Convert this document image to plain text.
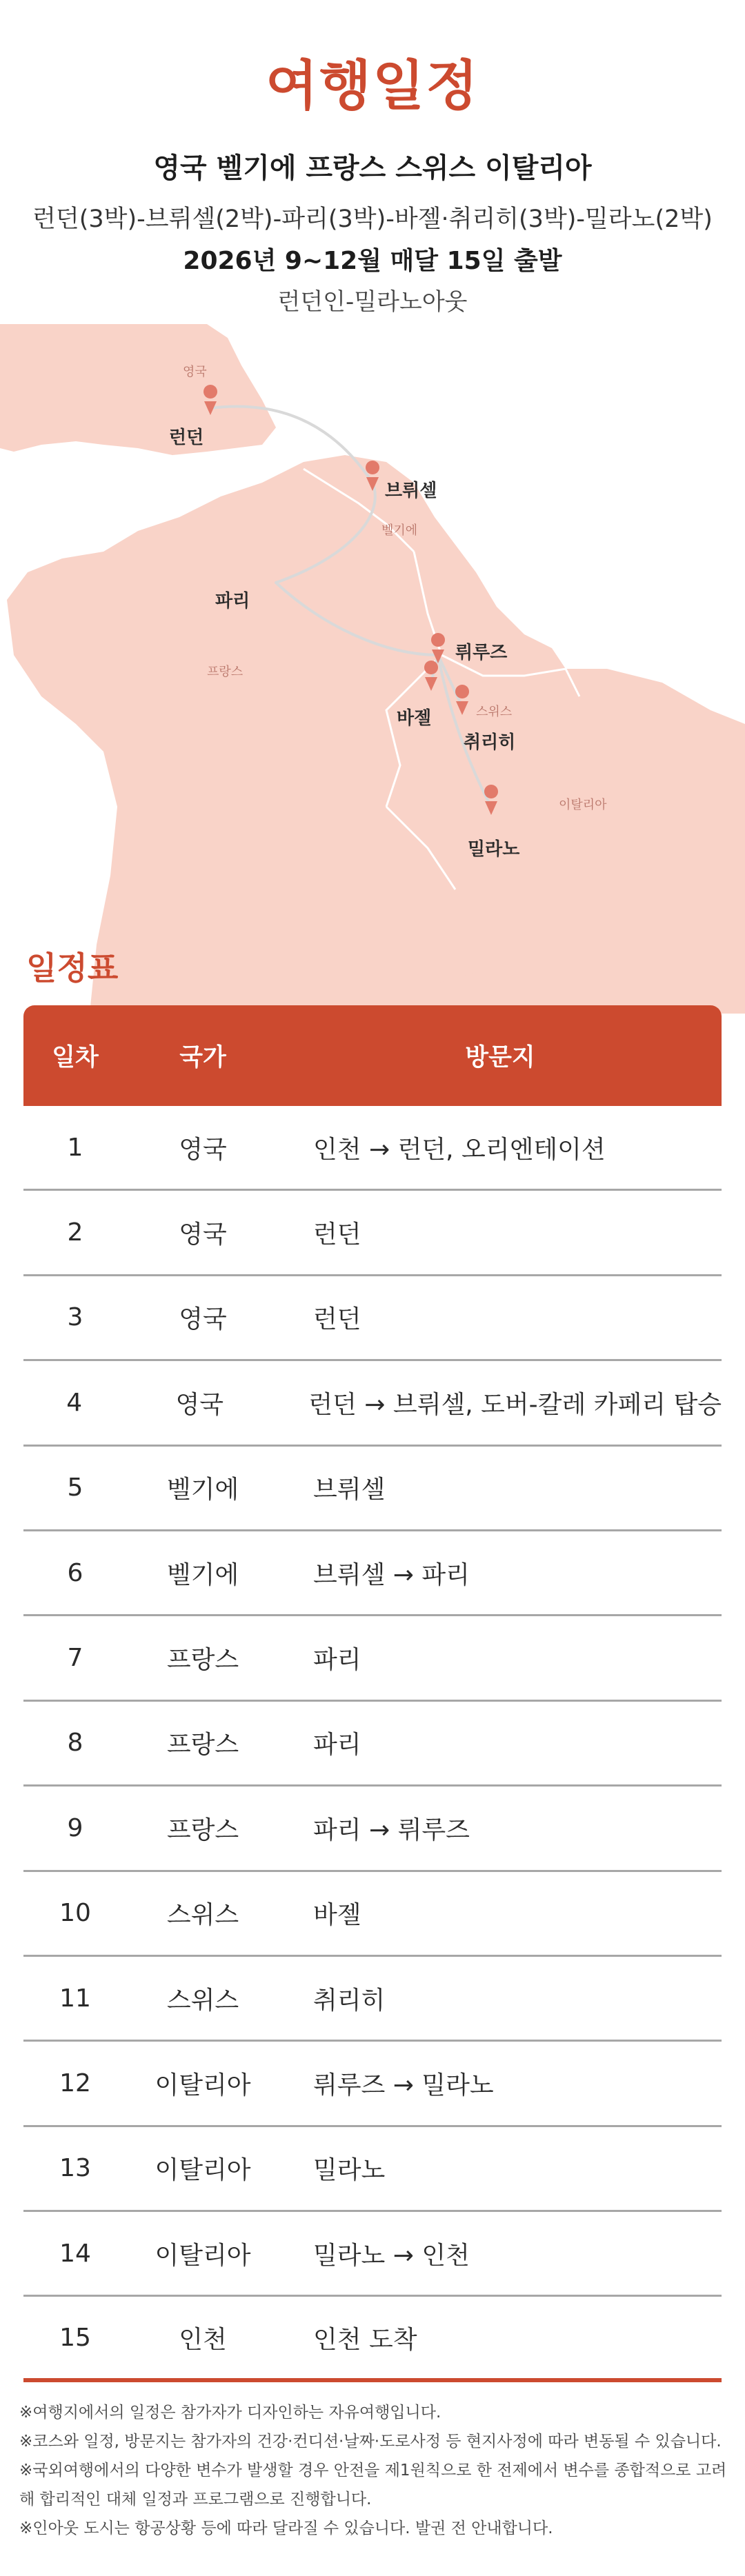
여행일정
영국 벨기에 프랑스 스위스 이탈리아
런던(3박)-브뤼셀(2박)-파리(3박)-바젤·취리히(3박)-밀라노(2박)
2026년 9~12월 매달 15일 출발
런던인-밀라노아웃
영국
벨기에
프랑스
스위스
이탈리아
런던
브뤼셀
파리
뤼루즈
바젤
취리히
밀라노
일정표
일차	국가	방문지
1	영국	인천 → 런던, 오리엔테이션
2	영국	런던
3	영국	런던
4	영국	런던 → 브뤼셀, 도버-칼레 카페리 탑승
5	벨기에	브뤼셀
6	벨기에	브뤼셀 → 파리
7	프랑스	파리
8	프랑스	파리
9	프랑스	파리 → 뤼루즈
10	스위스	바젤
11	스위스	취리히
12	이탈리아	뤼루즈 → 밀라노
13	이탈리아	밀라노
14	이탈리아	밀라노 → 인천
15	인천	인천 도착

※여행지에서의 일정은 참가자가 디자인하는 자유여행입니다.

※코스와 일정, 방문지는 참가자의 건강·컨디션·날짜·도로사정 등 현지사정에 따라 변동될 수 있습니다.

※국외여행에서의 다양한 변수가 발생할 경우 안전을 제1원칙으로 한 전제에서 변수를 종합적으로 고려해 합리적인 대체 일정과 프로그램으로 진행합니다.

※인아웃 도시는 항공상황 등에 따라 달라질 수 있습니다. 발권 전 안내합니다.
